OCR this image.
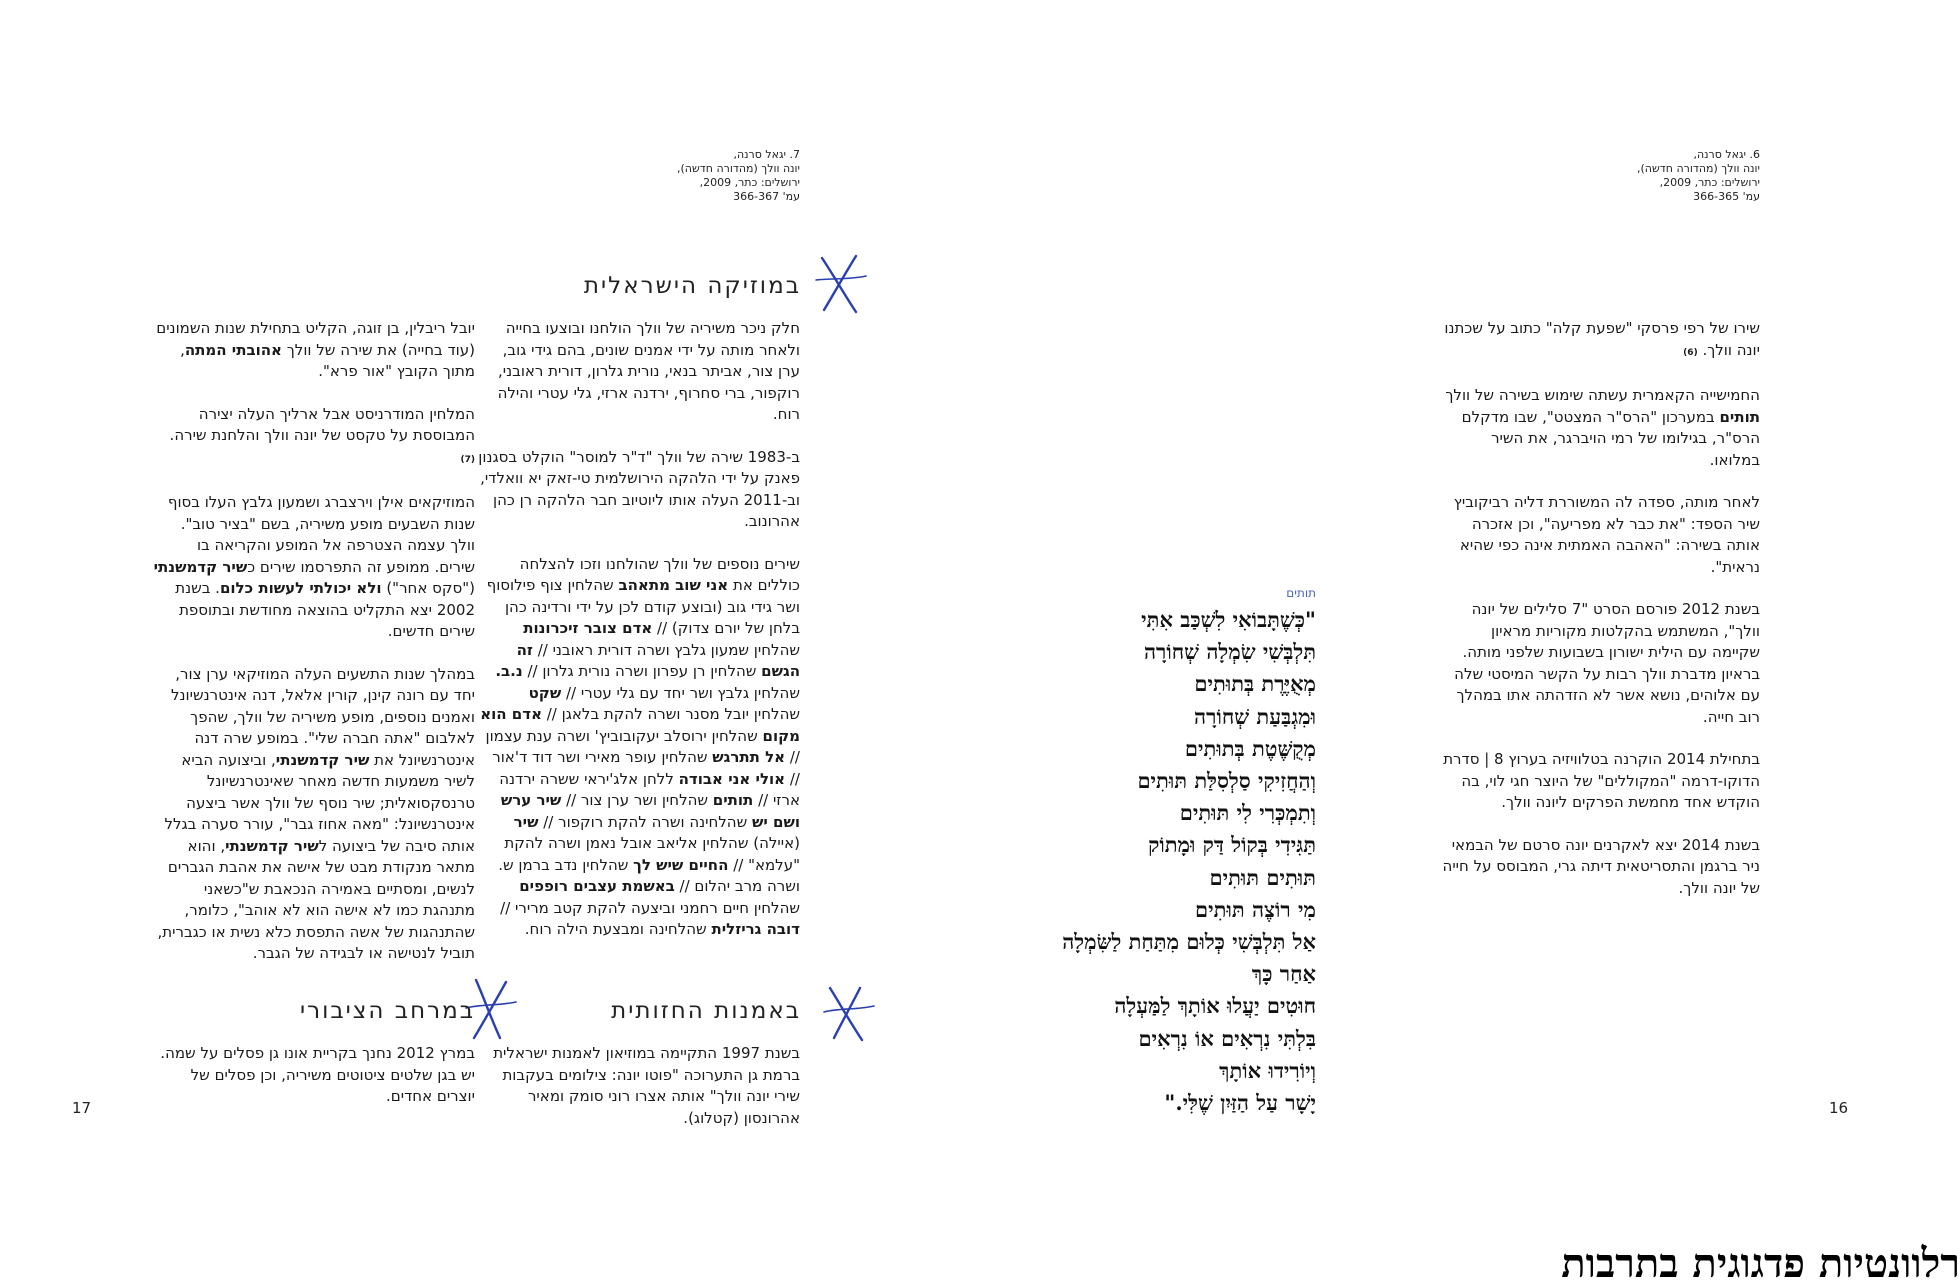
6. יגאל סרנה,
יונה וולך (מהדורה חדשה),
ירושלים: כתר, 2009,
עמ' 366-365

שירו של רפי פרסקי "שפעת קלה" כתוב על שכתנו יונה וולך. (6)

החמישייה הקאמרית עשתה שימוש בשירה של וולך תותים במערכון "הרס"ר המצטט", שבו מדקלם הרס"ר, בגילומו של רמי הויברגר, את השיר במלואו.

לאחר מותה, ספדה לה המשוררת דליה רביקוביץ שיר הספד: "את כבר לא מפריעה", וכן אזכרה אותה בשירה: "האהבה האמתית אינה כפי שהיא נראית".

בשנת 2012 פורסם הסרט "7 סלילים של יונה וולך", המשתמש בהקלטות מקוריות מראיון שקיימה עם הילית ישורון בשבועות שלפני מותה. בראיון מדברת וולך רבות על הקשר המיסטי שלה עם אלוהים, נושא אשר לא הזדהתה אתו במהלך רוב חייה.

בתחילת 2014 הוקרנה בטלוויזיה בערוץ 8 | סדרת הדוקו-דרמה "המקוללים" של היוצר חגי לוי, בה הוקדש אחד מחמשת הפרקים ליונה וולך.

בשנת 2014 יצא לאקרנים יונה סרטם של הבמאי ניר ברגמן והתסריטאית דיתה גרי, המבוסס על חייה של יונה וולך.

תותים
"כְּשֶׁתָּבוֹאִי לִשְׁכַּב אִתִּי
תִּלְבְּשִׁי שִׂמְלָה שְׁחוֹרָה
מְאֻיֶּרֶת בְּתוּתִים
וּמִגְבַּעַת שְׁחוֹרָה
מְקֻשֶּׁטֶת בְּתוּתִים
וְהַחֲזִיקִי סַלְסִלַּת תּוּתִים
וְתִמְכְּרִי לִי תּוּתִים
תַּגִּידִי בְּקוֹל דַּק וּמָתוֹק
תּוּתִים תּוּתִים
מִי רוֹצֶה תּוּתִים
אַל תִּלְבְּשִׁי כְּלוּם מִתַּחַת לַשִּׂמְלָה
אַחַר כָּךְ
חוּטִים יַעֲלוּ אוֹתָךְ לַמַּעְלָה
בִּלְתִּי נִרְאִים אוֹ נִרְאִים
וְיוֹרִידוּ אוֹתָךְ
יָשָׁר עַל הַזַּיִן שֶׁלִּי."	16
7. יגאל סרנה,
יונה וולך (מהדורה חדשה),
ירושלים: כתר, 2009,
עמ' 366-367
במוזיקה הישראלית

חלק ניכר משיריה של וולך הולחנו ובוצעו בחייה ולאחר מותה על ידי אמנים שונים, בהם גידי גוב, ערן צור, אביתר בנאי, נורית גלרון, דורית ראובני, רוקפור, ברי סחרוף, ירדנה ארזי, גלי עטרי והילה רוח.

ב-1983 שירה של וולך "ד"ר למוסר" הוקלט בסגנון פאנק על ידי הלהקה הירושלמית טי-זאק יא וואלדי, וב-2011 העלה אותו ליוטיוב חבר הלהקה רן כהן אהרונוב.

שירים נוספים של וולך שהולחנו וזכו להצלחה כוללים את אני שוב מתאהב שהלחין צוף פילוסוף ושר גידי גוב (ובוצע קודם לכן על ידי ורדינה כהן בלחן של יורם צדוק) // אדם צובר זיכרונות שהלחין שמעון גלבץ ושרה דורית ראובני // זה הגשם שהלחין רן עפרון ושרה נורית גלרון // נ.ב. שהלחין גלבץ ושר יחד עם גלי עטרי // שקט שהלחין יובל מסנר ושרה להקת בלאגן // אדם הוא מקום שהלחין ירוסלב יעקובוביץ' ושרה ענת עצמון // אל תתרגש שהלחין עופר מאירי ושר דוד ד'אור // אולי אני אבודה ללחן אלג'יראי ששרה ירדנה ארזי // תותים שהלחין ושר ערן צור // שיר ערש ושם יש שהלחינה ושרה להקת רוקפור // שיר (איילה) שהלחין אליאב אובל נאמן ושרה להקת "עלמא" // החיים שיש לך שהלחין נדב ברמן ש. ושרה מרב יהלום // באשמת עצבים רופפים שהלחין חיים רחמני וביצעה להקת קטב מרירי // דובה גריזלית שהלחינה ומבצעת הילה רוח.

יובל ריבלין, בן זוגה, הקליט בתחילת שנות השמונים (עוד בחייה) את שירה של וולך אהובתי המתה, מתוך הקובץ "אור פרא".

המלחין המודרניסט אבל ארליך העלה יצירה המבוססת על טקסט של יונה וולך והלחנת שירה. (7)

המוזיקאים אילן וירצברג ושמעון גלבץ העלו בסוף שנות השבעים מופע משיריה, בשם "בציר טוב". וולך עצמה הצטרפה אל המופע והקריאה בו שירים. ממופע זה התפרסמו שירים כשיר קדמשנתי ("סקס אחר") ולא יכולתי לעשות כלום. בשנת 2002 יצא התקליט בהוצאה מחודשת ובתוספת שירים חדשים.

במהלך שנות התשעים העלה המוזיקאי ערן צור, יחד עם רונה קינן, קורין אלאל, דנה אינטרנשיונל ואמנים נוספים, מופע משיריה של וולך, שהפך לאלבום "אתה חברה שלי". במופע שרה דנה אינטרנשיונל את שיר קדמשנתי, וביצועה הביא לשיר משמעות חדשה מאחר שאינטרנשיונל טרנסקסואלית; שיר נוסף של וולך אשר ביצעה אינטרנשיונל: "מאה אחוז גבר", עורר סערה בגלל אותה סיבה של ביצועה לשיר קדמשנתי, והוא מתאר מנקודת מבט של אישה את אהבת הגברים לנשים, ומסתיים באמירה הנכאבת ש"כשאני מתנהגת כמו לא אישה הוא לא אוהב", כלומר, שהתנהגות של אשה התפסת כלא נשית או כגברית, תוביל לנטישה או לבגידה של הגבר.

באמנות החזותית
בשנת 1997 התקיימה במוזיאון לאמנות ישראלית ברמת גן התערוכה "פוטו יונה: צילומים בעקבות שירי יונה וולך" אותה אצרו רוני סומק ומאיר אהרונסון (קטלוג).
במרחב הציבורי
במרץ 2012 נחנך בקריית אונו גן פסלים על שמה. יש בגן שלטים ציטוטים משיריה, וכן פסלים של יוצרים אחדים.
17
רלוונטיות פדגוגית בתרבות
